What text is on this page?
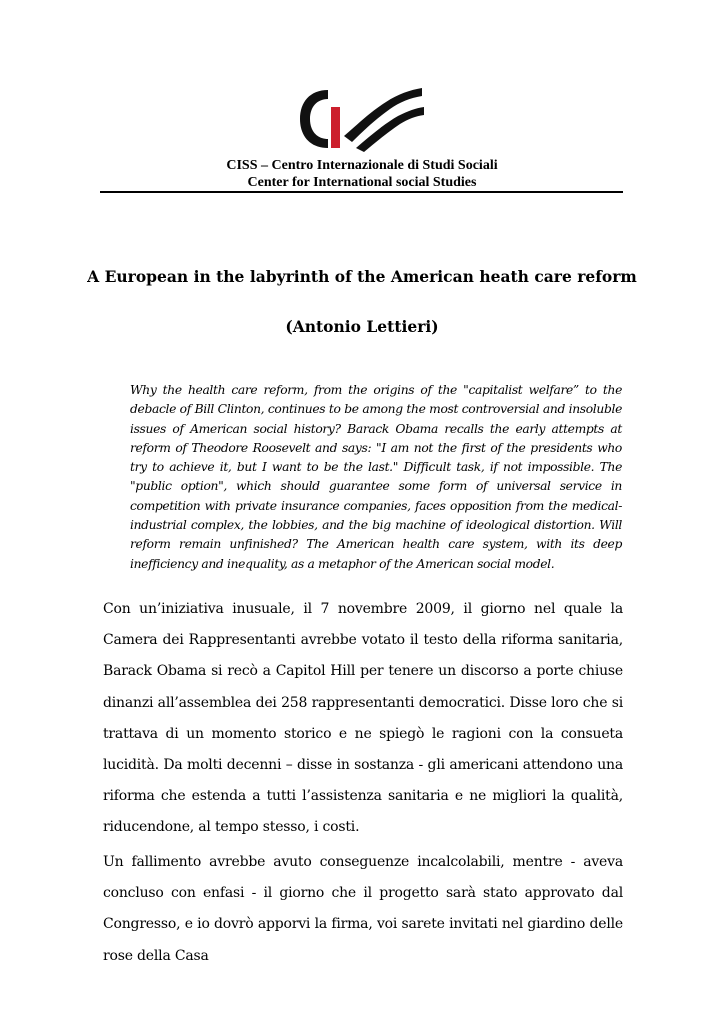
CISS – Centro Internazionale di Studi Sociali
Center for International social Studies
A European in the labyrinth of the American heath care reform
(Antonio Lettieri)

Why the health care reform, from the origins of the "capitalist welfare” to the debacle of Bill Clinton, continues to be among the most controversial and insoluble issues of American social history? Barack Obama recalls the early attempts at reform of Theodore Roosevelt and says: "I am not the first of the presidents who try to achieve it, but I want to be the last." Difficult task, if not impossible. The "public option", which should guarantee some form of universal service in competition with private insurance companies, faces opposition from the medical-industrial complex, the lobbies, and the big machine of ideological distortion. Will reform remain unfinished? The American health care system, with its deep inefficiency and inequality, as a metaphor of the American social model.

Con un’iniziativa inusuale, il 7 novembre 2009, il giorno nel quale la Camera dei Rappresentanti avrebbe votato il testo della riforma sanitaria, Barack Obama si recò a Capitol Hill per tenere un discorso a porte chiuse dinanzi all’assemblea dei 258 rappresentanti democratici. Disse loro che si trattava di un momento storico e ne spiegò le ragioni con la consueta lucidità. Da molti decenni – disse in sostanza - gli americani attendono una riforma che estenda a tutti l’assistenza sanitaria e ne migliori la qualità, riducendone, al tempo stesso, i costi.

Un fallimento avrebbe avuto conseguenze incalcolabili, mentre - aveva concluso con enfasi - il giorno che il progetto sarà stato approvato dal Congresso, e io dovrò apporvi la firma, voi sarete invitati nel giardino delle rose della Casa
